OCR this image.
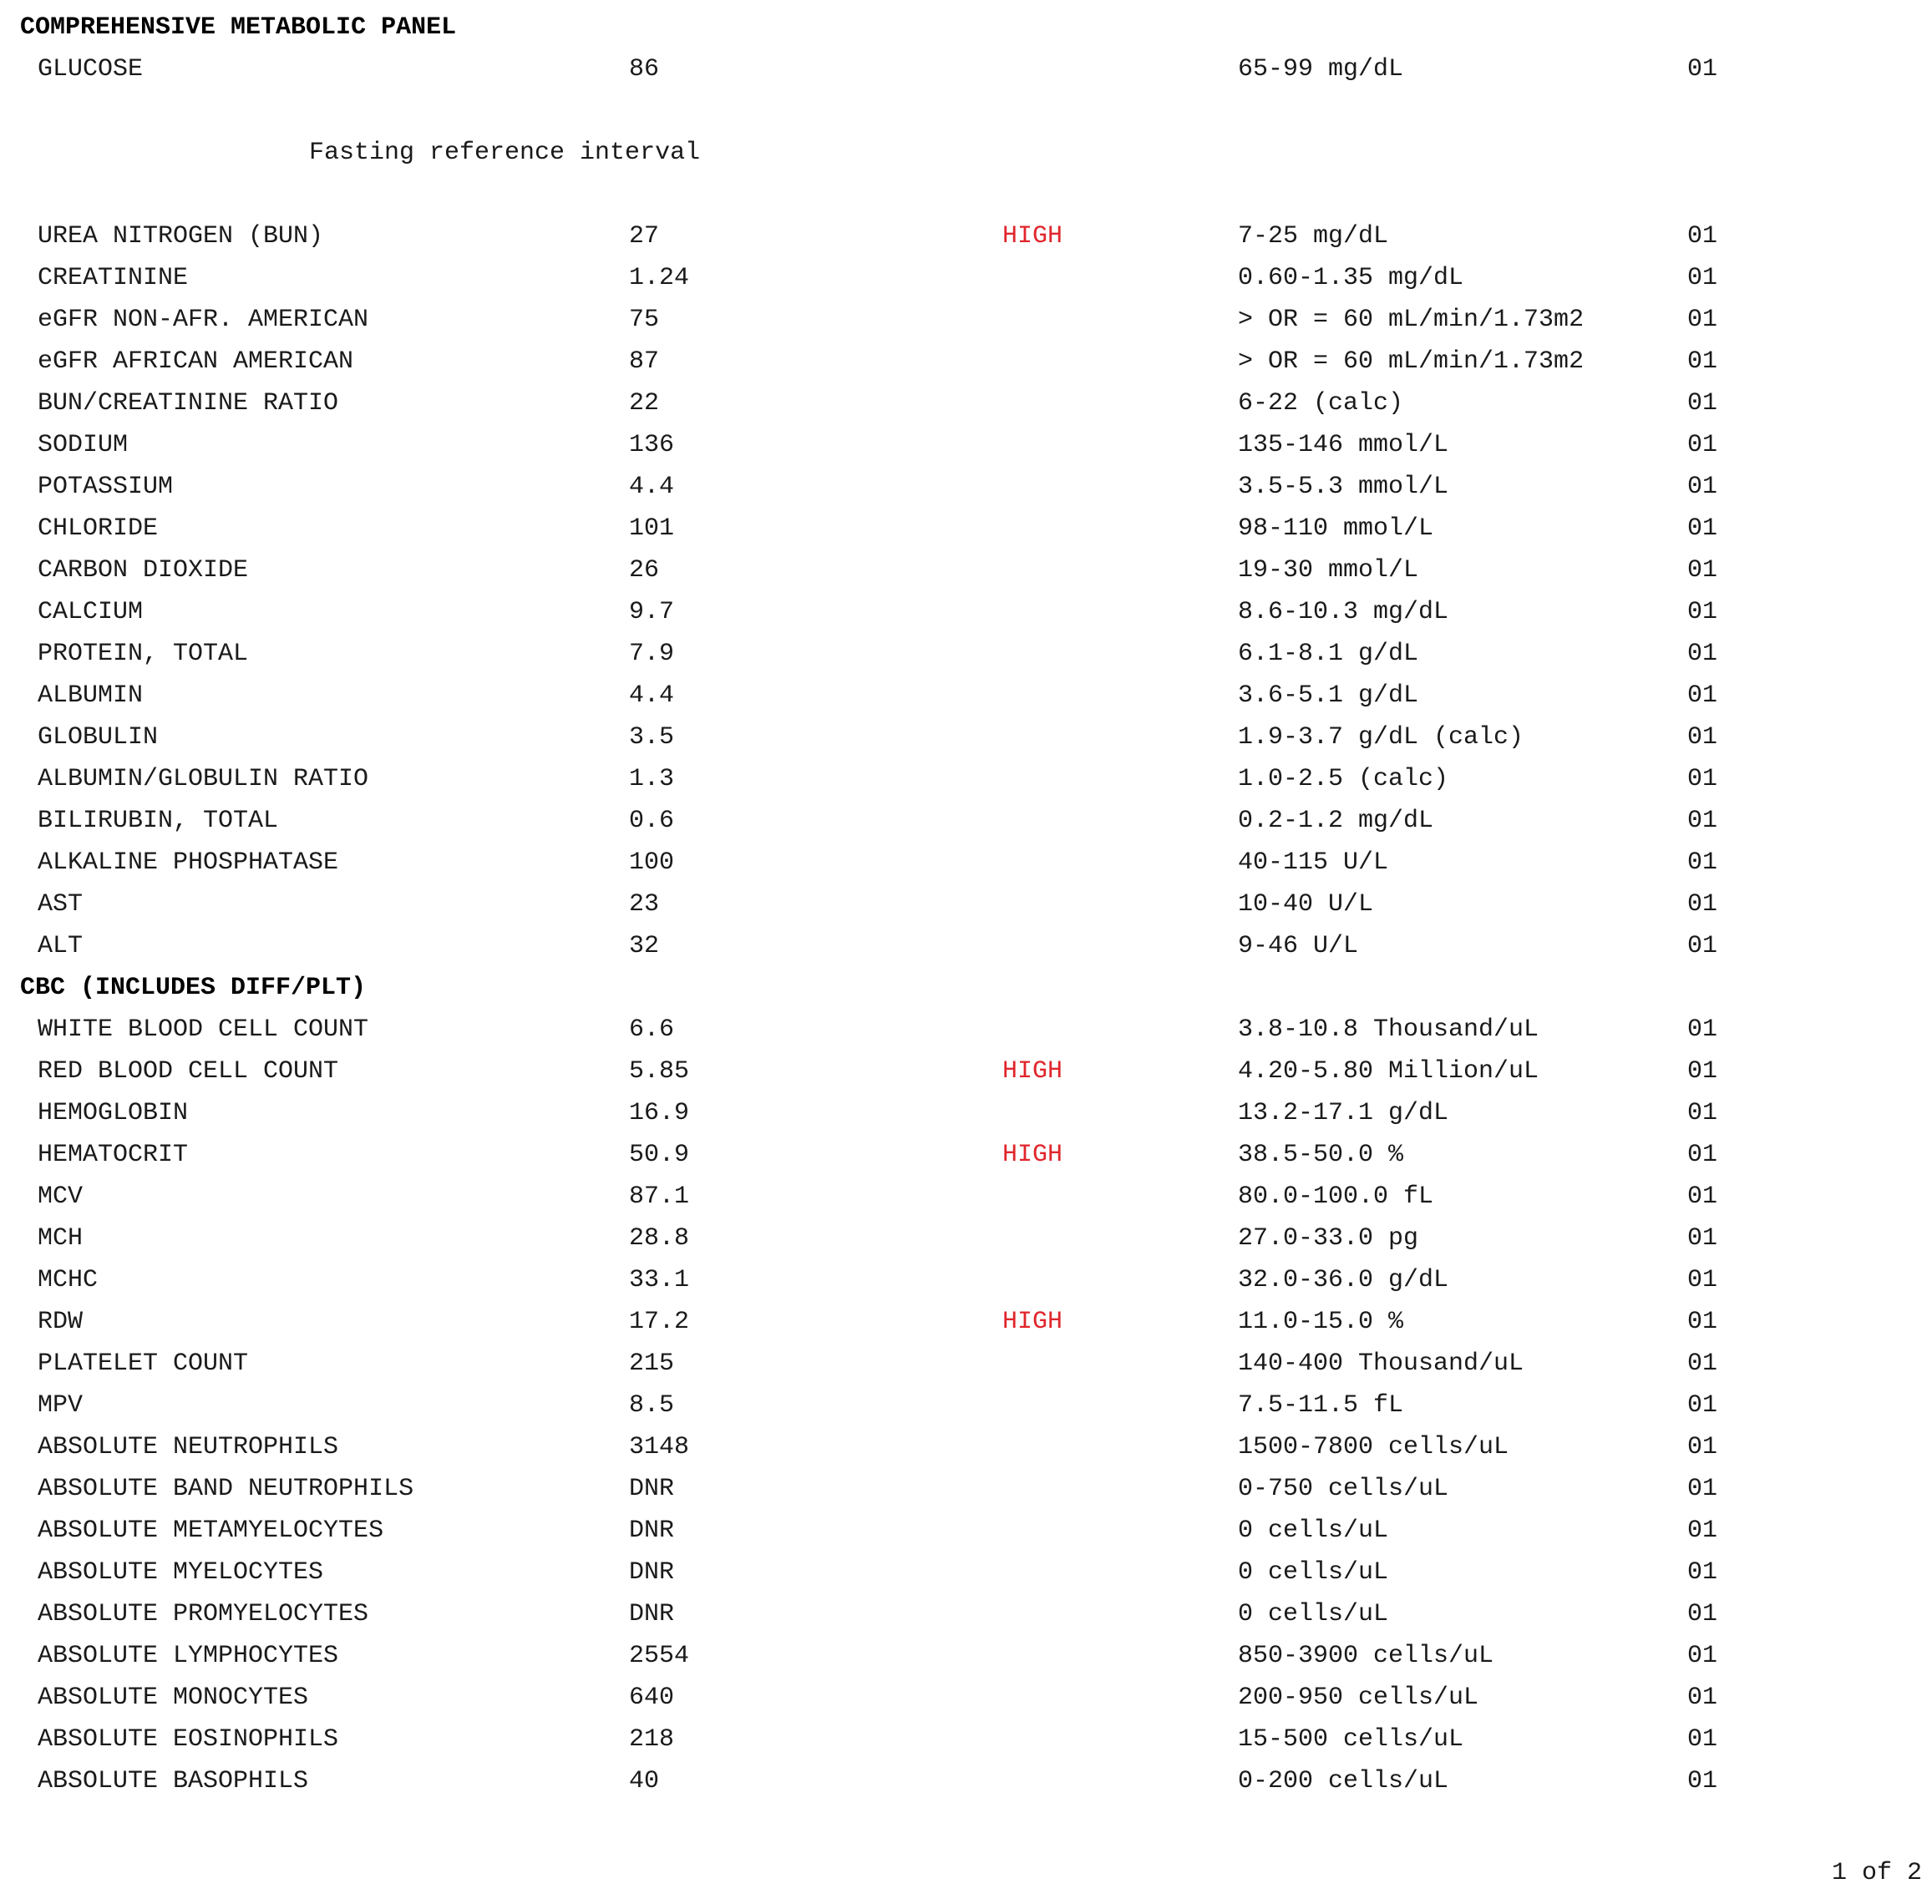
COMPREHENSIVE METABOLIC PANEL
GLUCOSE	86	65-99 mg/dL	01
Fasting reference interval
UREA NITROGEN (BUN)	27	HIGH	7-25 mg/dL	01
CREATININE	1.24	0.60-1.35 mg/dL	01
eGFR NON-AFR. AMERICAN	75	> OR = 60 mL/min/1.73m2	01
eGFR AFRICAN AMERICAN	87	> OR = 60 mL/min/1.73m2	01
BUN/CREATININE RATIO	22	6-22 (calc)	01
SODIUM	136	135-146 mmol/L	01
POTASSIUM	4.4	3.5-5.3 mmol/L	01
CHLORIDE	101	98-110 mmol/L	01
CARBON DIOXIDE	26	19-30 mmol/L	01
CALCIUM	9.7	8.6-10.3 mg/dL	01
PROTEIN, TOTAL	7.9	6.1-8.1 g/dL	01
ALBUMIN	4.4	3.6-5.1 g/dL	01
GLOBULIN	3.5	1.9-3.7 g/dL (calc)	01
ALBUMIN/GLOBULIN RATIO	1.3	1.0-2.5 (calc)	01
BILIRUBIN, TOTAL	0.6	0.2-1.2 mg/dL	01
ALKALINE PHOSPHATASE	100	40-115 U/L	01
AST	23	10-40 U/L	01
ALT	32	9-46 U/L	01
CBC (INCLUDES DIFF/PLT)
WHITE BLOOD CELL COUNT	6.6	3.8-10.8 Thousand/uL	01
RED BLOOD CELL COUNT	5.85	HIGH	4.20-5.80 Million/uL	01
HEMOGLOBIN	16.9	13.2-17.1 g/dL	01
HEMATOCRIT	50.9	HIGH	38.5-50.0 %	01
MCV	87.1	80.0-100.0 fL	01
MCH	28.8	27.0-33.0 pg	01
MCHC	33.1	32.0-36.0 g/dL	01
RDW	17.2	HIGH	11.0-15.0 %	01
PLATELET COUNT	215	140-400 Thousand/uL	01
MPV	8.5	7.5-11.5 fL	01
ABSOLUTE NEUTROPHILS	3148	1500-7800 cells/uL	01
ABSOLUTE BAND NEUTROPHILS	DNR	0-750 cells/uL	01
ABSOLUTE METAMYELOCYTES	DNR	0 cells/uL	01
ABSOLUTE MYELOCYTES	DNR	0 cells/uL	01
ABSOLUTE PROMYELOCYTES	DNR	0 cells/uL	01
ABSOLUTE LYMPHOCYTES	2554	850-3900 cells/uL	01
ABSOLUTE MONOCYTES	640	200-950 cells/uL	01
ABSOLUTE EOSINOPHILS	218	15-500 cells/uL	01
ABSOLUTE BASOPHILS	40	0-200 cells/uL	01
1 of 2
